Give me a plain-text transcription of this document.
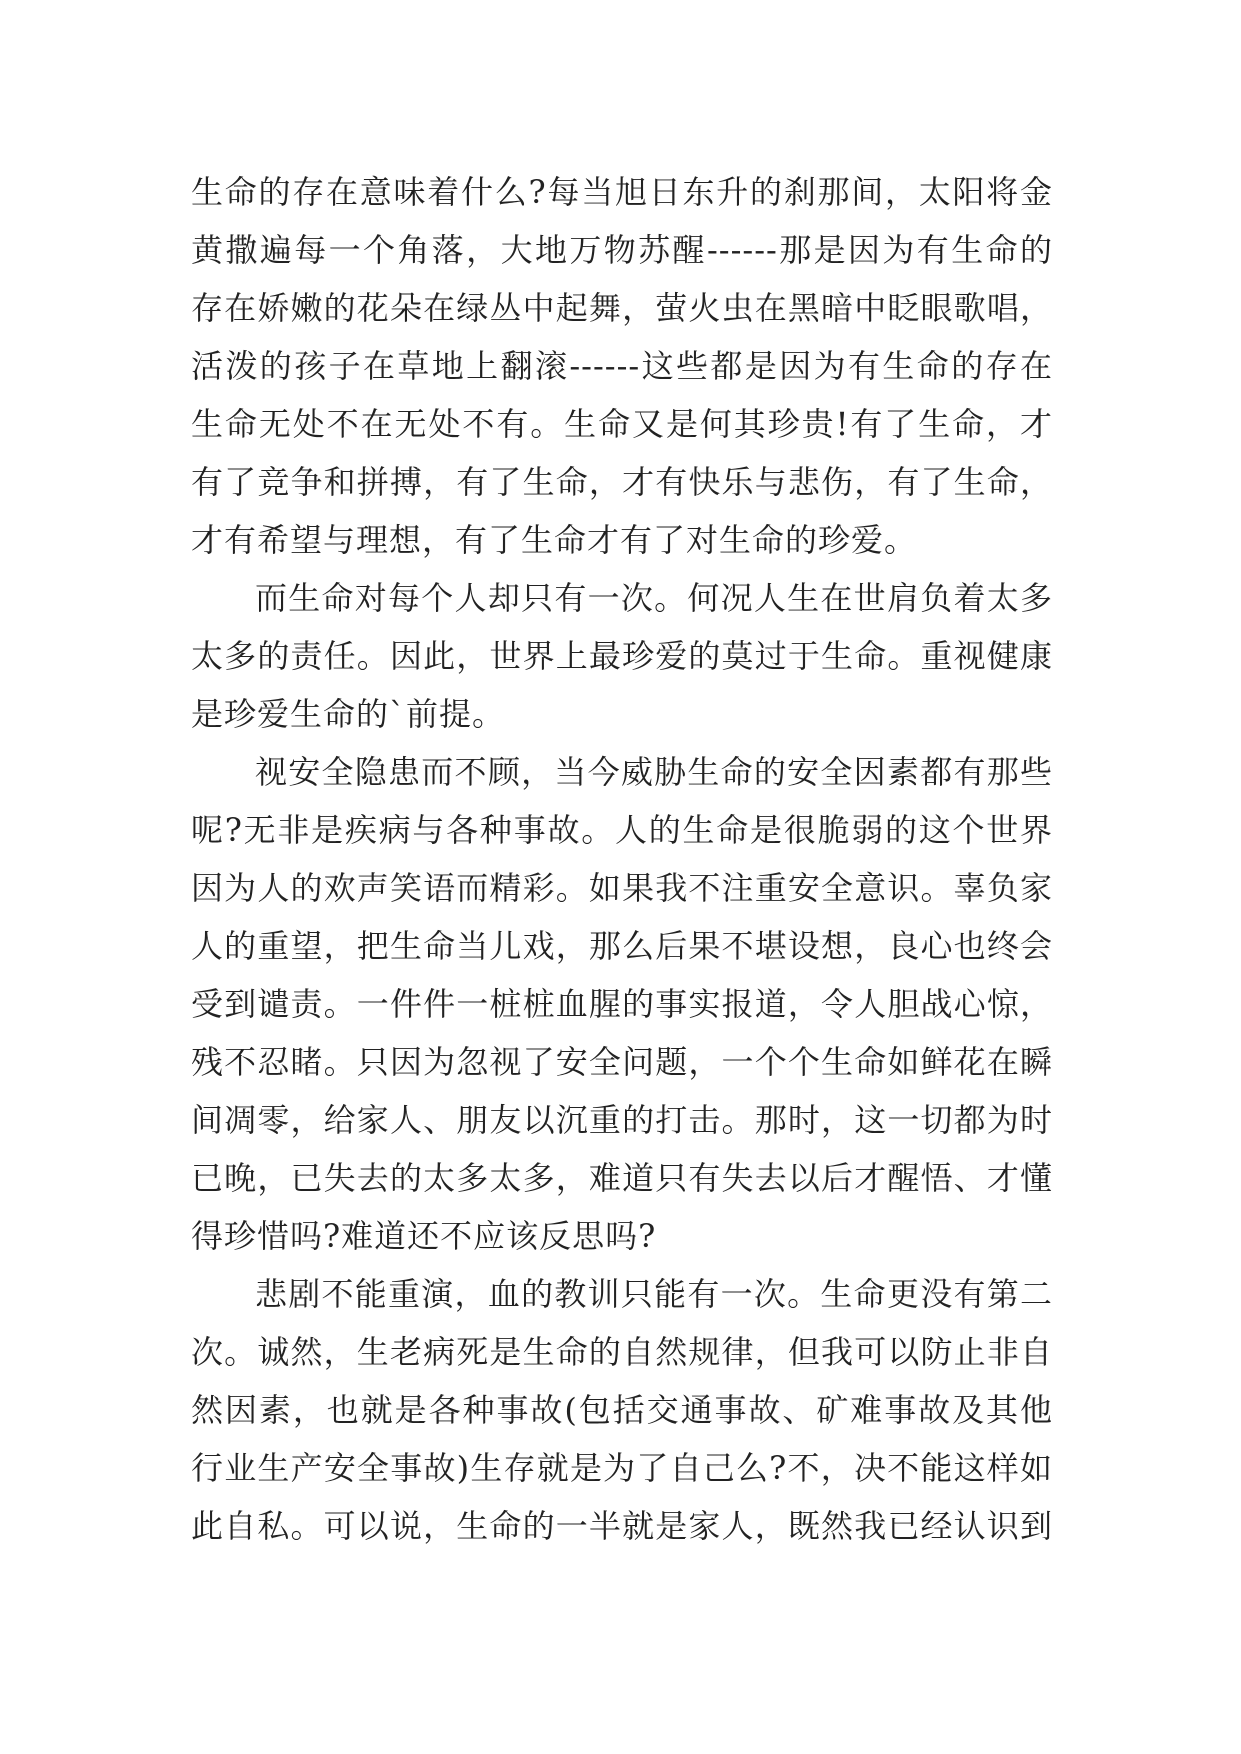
生命的存在意味着什么?每当旭日东升的刹那间，太阳将金
黄撒遍每一个角落，大地万物苏醒------那是因为有生命的
存在娇嫩的花朵在绿丛中起舞，萤火虫在黑暗中眨眼歌唱，
活泼的孩子在草地上翻滚------这些都是因为有生命的存在
生命无处不在无处不有。生命又是何其珍贵!有了生命，才
有了竞争和拼搏，有了生命，才有快乐与悲伤，有了生命，
才有希望与理想，有了生命才有了对生命的珍爱。
而生命对每个人却只有一次。何况人生在世肩负着太多
太多的责任。因此，世界上最珍爱的莫过于生命。重视健康
是珍爱生命的`前提。
视安全隐患而不顾，当今威胁生命的安全因素都有那些
呢?无非是疾病与各种事故。人的生命是很脆弱的这个世界
因为人的欢声笑语而精彩。如果我不注重安全意识。辜负家
人的重望，把生命当儿戏，那么后果不堪设想，良心也终会
受到谴责。一件件一桩桩血腥的事实报道，令人胆战心惊，
残不忍睹。只因为忽视了安全问题，一个个生命如鲜花在瞬
间凋零，给家人、朋友以沉重的打击。那时，这一切都为时
已晚，已失去的太多太多，难道只有失去以后才醒悟、才懂
得珍惜吗?难道还不应该反思吗?
悲剧不能重演，血的教训只能有一次。生命更没有第二
次。诚然，生老病死是生命的自然规律，但我可以防止非自
然因素，也就是各种事故(包括交通事故、矿难事故及其他
行业生产安全事故)生存就是为了自己么?不，决不能这样如
此自私。可以说，生命的一半就是家人，既然我已经认识到
